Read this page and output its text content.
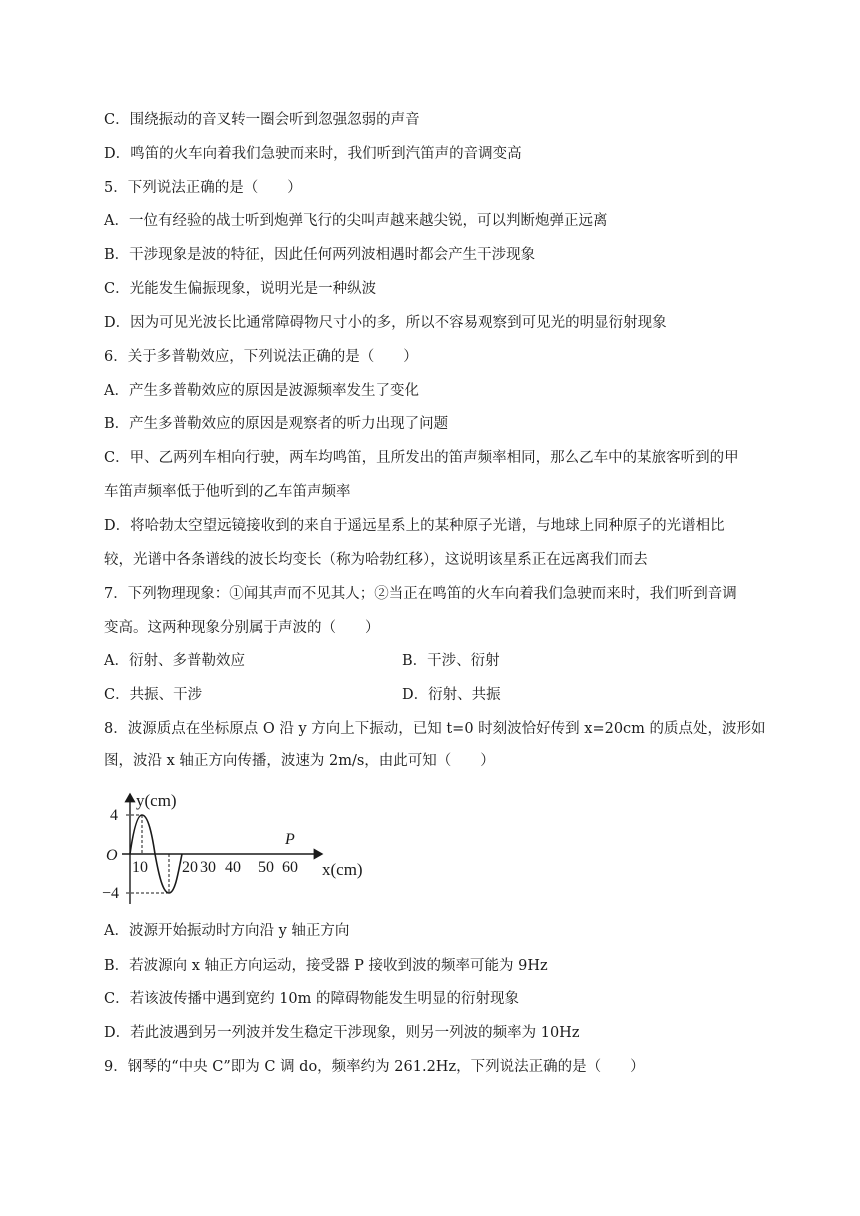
C．围绕振动的音叉转一圈会听到忽强忽弱的声音
D．鸣笛的火车向着我们急驶而来时，我们听到汽笛声的音调变高
5．下列说法正确的是（　　）
A．一位有经验的战士听到炮弹飞行的尖叫声越来越尖锐，可以判断炮弹正远离
B．干涉现象是波的特征，因此任何两列波相遇时都会产生干涉现象
C．光能发生偏振现象，说明光是一种纵波
D．因为可见光波长比通常障碍物尺寸小的多，所以不容易观察到可见光的明显衍射现象
6．关于多普勒效应，下列说法正确的是（　　）
A．产生多普勒效应的原因是波源频率发生了变化
B．产生多普勒效应的原因是观察者的听力出现了问题
C．甲、乙两列车相向行驶，两车均鸣笛，且所发出的笛声频率相同，那么乙车中的某旅客听到的甲
车笛声频率低于他听到的乙车笛声频率
D．将哈勃太空望远镜接收到的来自于遥远星系上的某种原子光谱，与地球上同种原子的光谱相比
较，光谱中各条谱线的波长均变长（称为哈勃红移），这说明该星系正在远离我们而去
7．下列物理现象：①闻其声而不见其人；②当正在鸣笛的火车向着我们急驶而来时，我们听到音调
变高。这两种现象分别属于声波的（　　）
A．衍射、多普勒效应	B．干涉、衍射
C．共振、干涉	D．衍射、共振
8．波源质点在坐标原点 O 沿 y 方向上下振动，已知 t=0 时刻波恰好传到 x=20cm 的质点处，波形如
图，波沿 x 轴正方向传播，波速为 2m/s，由此可知（　　）
y(cm)
4
−4
O
10 20 30 40 50 60
P
x(cm)
A．波源开始振动时方向沿 y 轴正方向
B．若波源向 x 轴正方向运动，接受器 P 接收到波的频率可能为 9Hz
C．若该波传播中遇到宽约 10m 的障碍物能发生明显的衍射现象
D．若此波遇到另一列波并发生稳定干涉现象，则另一列波的频率为 10Hz
9．钢琴的“中央 C”即为 C 调 do，频率约为 261.2Hz，下列说法正确的是（　　）
